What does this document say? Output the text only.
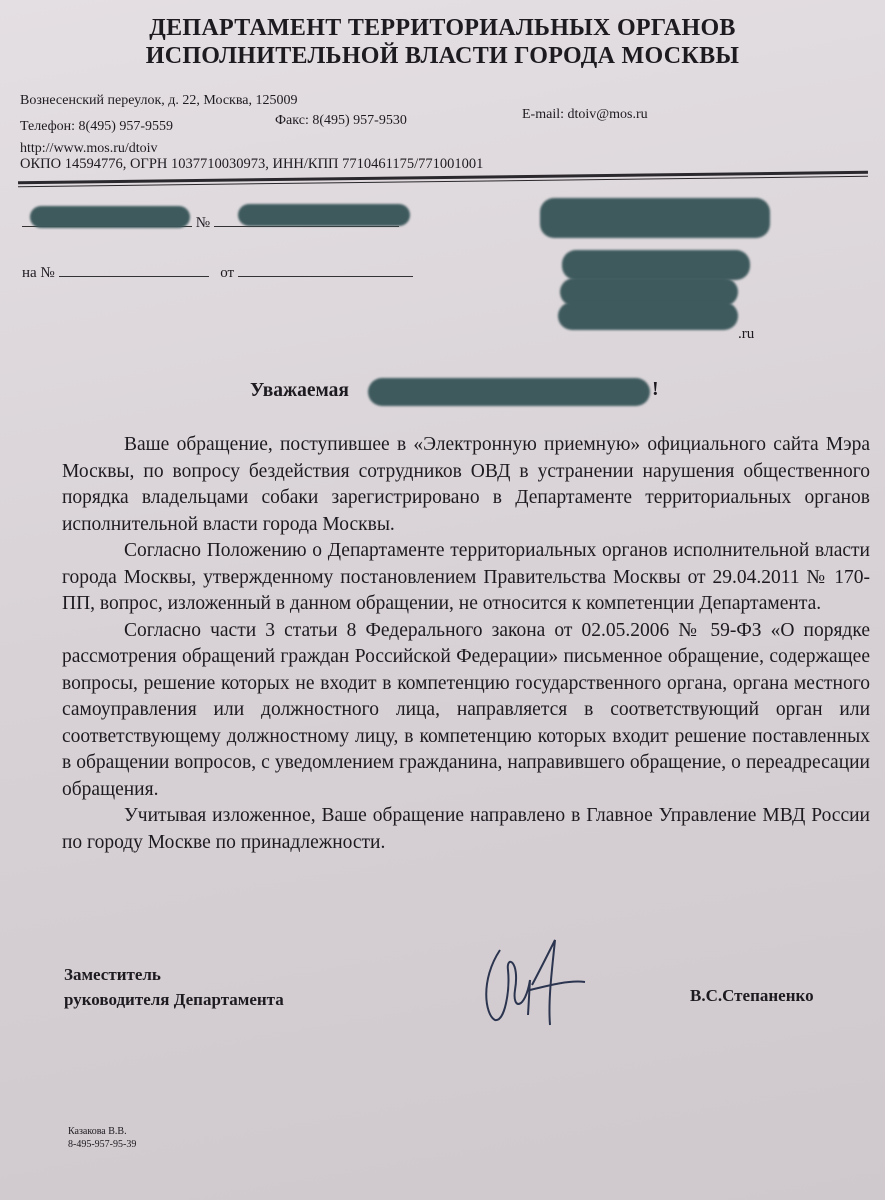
ДЕПАРТАМЕНТ ТЕРРИТОРИАЛЬНЫХ ОРГАНОВ
ИСПОЛНИТЕЛЬНОЙ ВЛАСТИ ГОРОДА МОСКВЫ
Вознесенский переулок, д. 22, Москва, 125009
Телефон: 8(495) 957-9559	Факс: 8(495) 957-9530	E-mail: dtoiv@mos.ru
http://www.mos.ru/dtoiv
ОКПО 14594776, ОГРН 1037710030973, ИНН/КПП 7710461175/771001001
№
на №	от
.ru
Уважаемая	!

Ваше обращение, поступившее в «Электронную приемную» официального сайта Мэра Москвы, по вопросу бездействия сотрудников ОВД в устранении нарушения общественного порядка владельцами собаки зарегистрировано в Департаменте территориальных органов исполнительной власти города Москвы.

Согласно Положению о Департаменте территориальных органов исполнительной власти города Москвы, утвержденному постановлением Правительства Москвы от 29.04.2011 № 170-ПП, вопрос, изложенный в данном обращении, не относится к компетенции Департамента.

Согласно части 3 статьи 8 Федерального закона от 02.05.2006 № 59-ФЗ «О порядке рассмотрения обращений граждан Российской Федерации» письменное обращение, содержащее вопросы, решение которых не входит в компетенцию государственного органа, органа местного самоуправления или должностного лица, направляется в соответствующий орган или соответствующему должностному лицу, в компетенцию которых входит решение поставленных в обращении вопросов, с уведомлением гражданина, направившего обращение, о переадресации обращения.

Учитывая изложенное, Ваше обращение направлено в Главное Управление МВД России по городу Москве по принадлежности.

Заместитель
руководителя Департамента	В.С.Степаненко
Казакова В.В.
8-495-957-95-39
